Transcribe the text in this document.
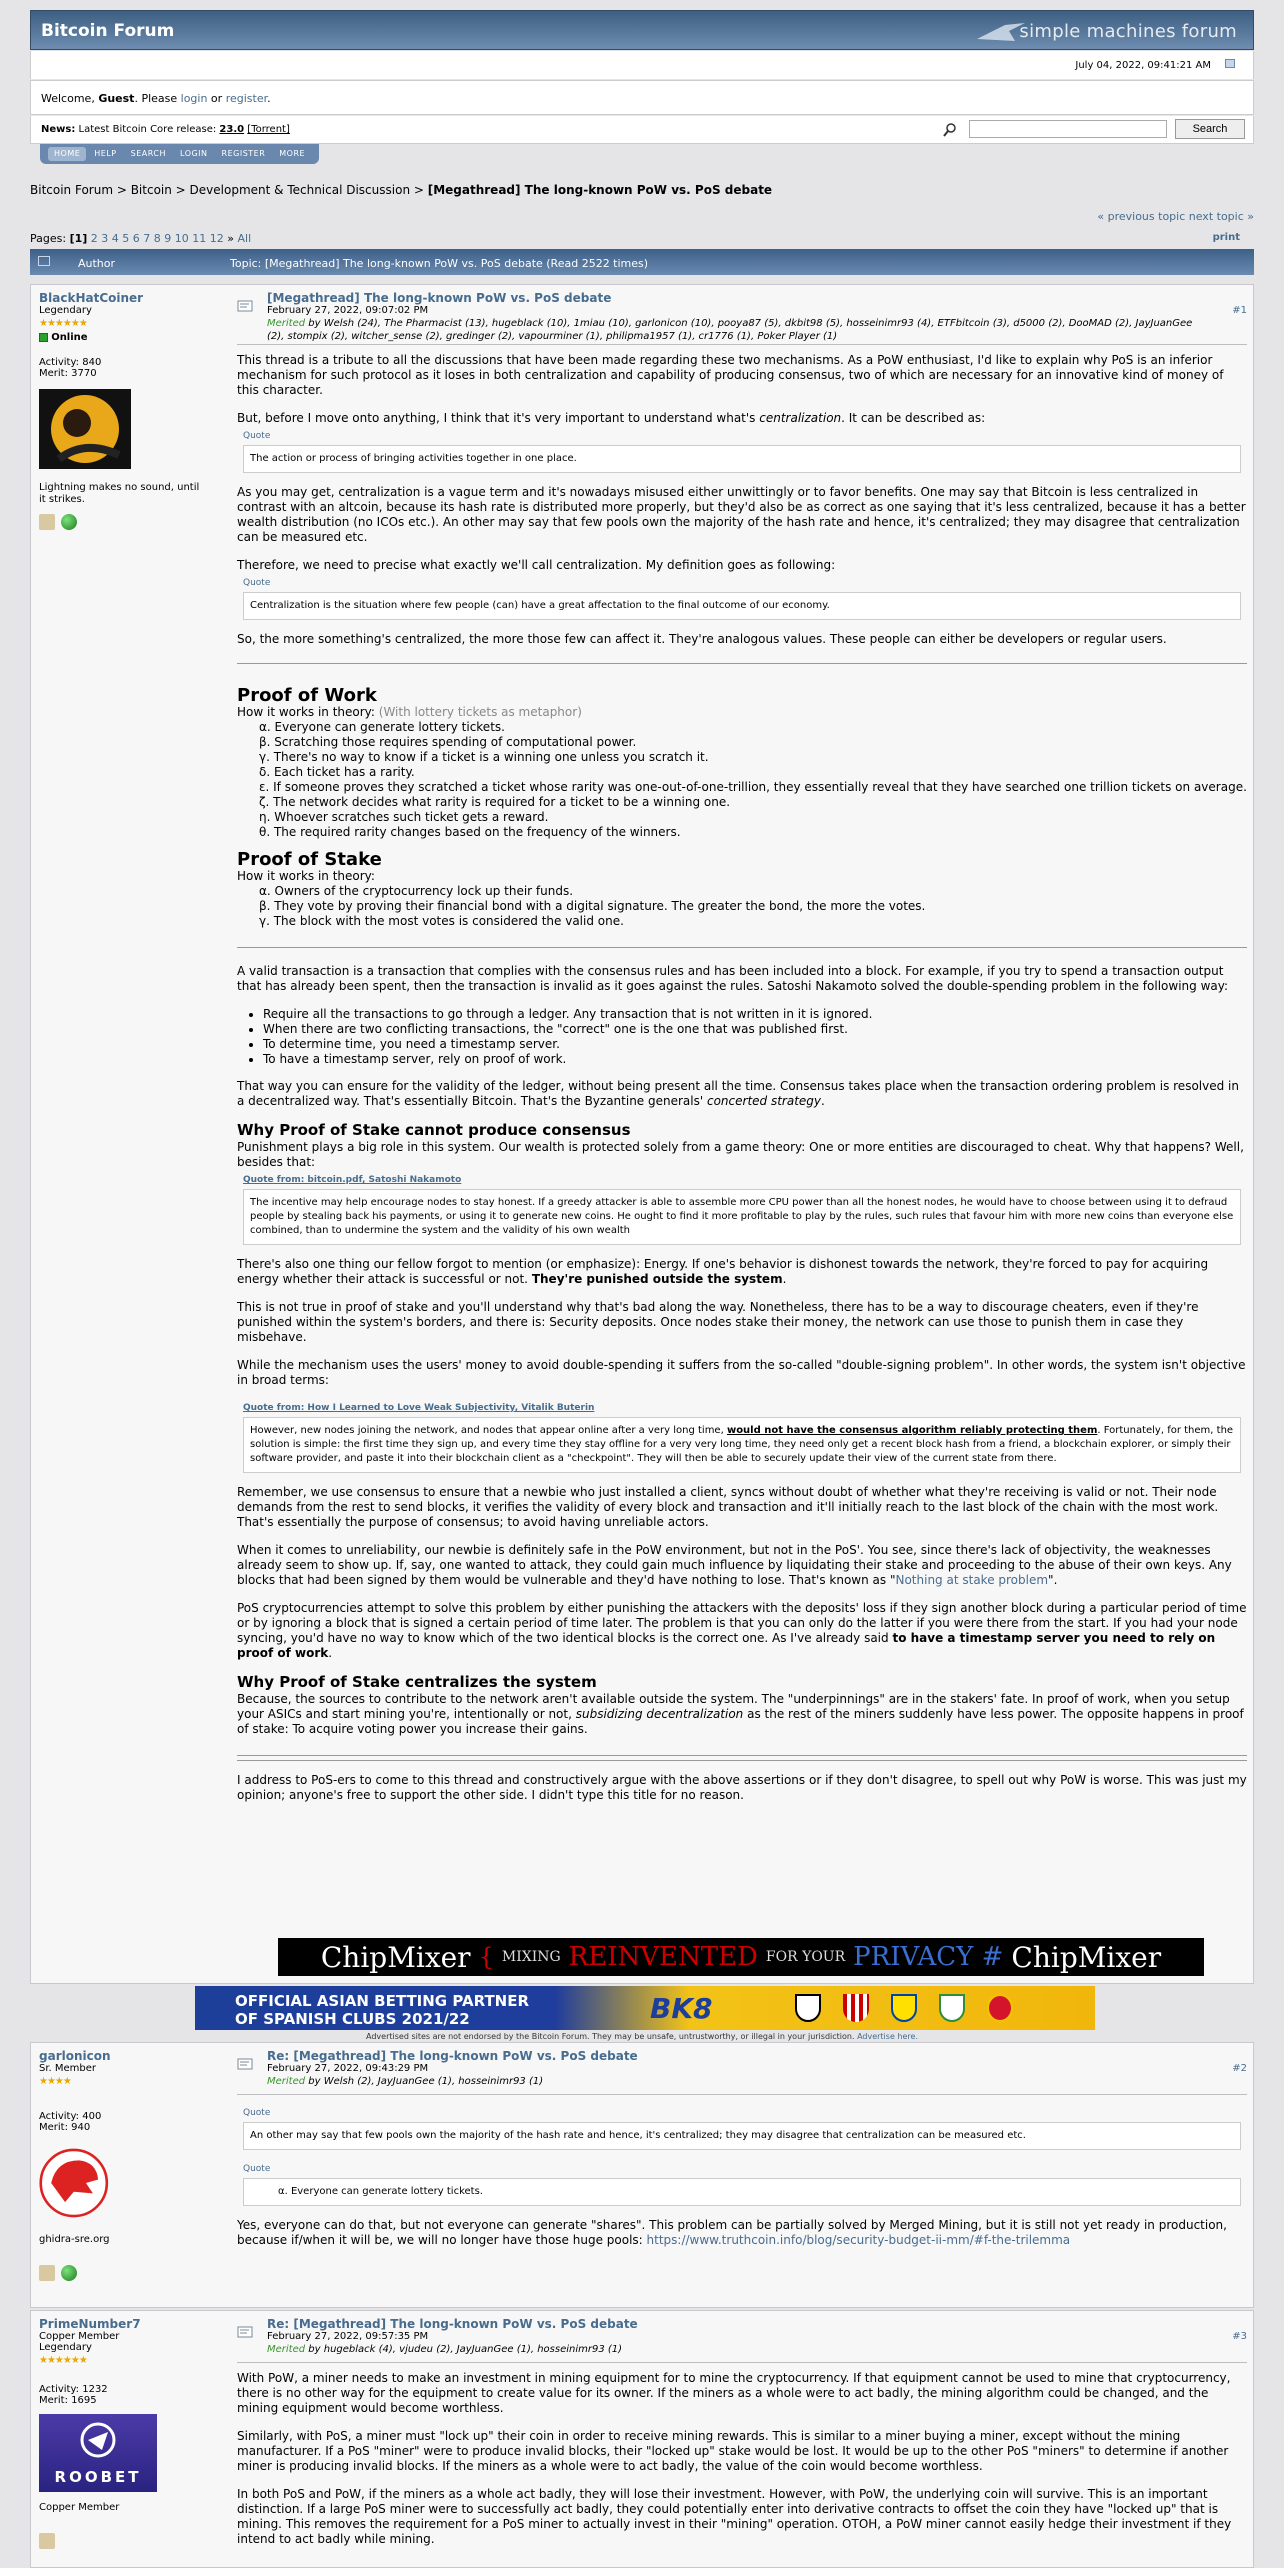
Bitcoin Forum	simple machines forum
July 04, 2022, 09:41:21 AM
Welcome, Guest. Please login or register.
News: Latest Bitcoin Core release: 23.0 [Torrent]	Search
HOME	HELP	SEARCH	LOGIN	REGISTER	MORE
Bitcoin Forum > Bitcoin > Development & Technical Discussion > [Megathread] The long-known PoW vs. PoS debate
« previous topic next topic »
Pages: [1] 2 3 4 5 6 7 8 9 10 11 12 » All	print
Author	Topic: [Megathread] The long-known PoW vs. PoS debate (Read 2522 times)
BlackHatCoiner
Legendary
★★★★★★
Online
Activity: 840
Merit: 3770
Lightning makes no sound, until it strikes.
[Megathread] The long-known PoW vs. PoS debate
February 27, 2022, 09:07:02 PM
Merited by Welsh (24), The Pharmacist (13), hugeblack (10), 1miau (10), garlonicon (10), pooya87 (5), dkbit98 (5), hosseinimr93 (4), ETFbitcoin (3), d5000 (2), DooMAD (2), JayJuanGee (2), stompix (2), witcher_sense (2), gredinger (2), vapourminer (1), philipma1957 (1), cr1776 (1), Poker Player (1)
#1

This thread is a tribute to all the discussions that have been made regarding these two mechanisms. As a PoW enthusiast, I'd like to explain why PoS is an inferior mechanism for such protocol as it loses in both centralization and capability of producing consensus, two of which are necessary for an innovative kind of money of this character.

But, before I move onto anything, I think that it's very important to understand what's centralization. It can be described as:

Quote
The action or process of bringing activities together in one place.

As you may get, centralization is a vague term and it's nowadays misused either unwittingly or to favor benefits. One may say that Bitcoin is less centralized in contrast with an altcoin, because its hash rate is distributed more properly, but they'd also be as correct as one saying that it's less centralized, because it has a better wealth distribution (no ICOs etc.). An other may say that few pools own the majority of the hash rate and hence, it's centralized; they may disagree that centralization can be measured etc.

Therefore, we need to precise what exactly we'll call centralization. My definition goes as following:

Quote
Centralization is the situation where few people (can) have a great affectation to the final outcome of our economy.

So, the more something's centralized, the more those few can affect it. They're analogous values. These people can either be developers or regular users.

Proof of Work
How it works in theory: (With lottery tickets as metaphor)
α. Everyone can generate lottery tickets.
β. Scratching those requires spending of computational power.
γ. There's no way to know if a ticket is a winning one unless you scratch it.
δ. Each ticket has a rarity.
ε. If someone proves they scratched a ticket whose rarity was one-out-of-one-trillion, they essentially reveal that they have searched one trillion tickets on average.
ζ. The network decides what rarity is required for a ticket to be a winning one.
η. Whoever scratches such ticket gets a reward.
θ. The required rarity changes based on the frequency of the winners.
Proof of Stake
How it works in theory:
α. Owners of the cryptocurrency lock up their funds.
β. They vote by proving their financial bond with a digital signature. The greater the bond, the more the votes.
γ. The block with the most votes is considered the valid one.

A valid transaction is a transaction that complies with the consensus rules and has been included into a block. For example, if you try to spend a transaction output that has already been spent, then the transaction is invalid as it goes against the rules. Satoshi Nakamoto solved the double-spending problem in the following way:

• Require all the transactions to go through a ledger. Any transaction that is not written in it is ignored.
• When there are two conflicting transactions, the "correct" one is the one that was published first.
• To determine time, you need a timestamp server.
• To have a timestamp server, rely on proof of work.

That way you can ensure for the validity of the ledger, without being present all the time. Consensus takes place when the transaction ordering problem is resolved in a decentralized way. That's essentially Bitcoin. That's the Byzantine generals' concerted strategy.

Why Proof of Stake cannot produce consensus

Punishment plays a big role in this system. Our wealth is protected solely from a game theory: One or more entities are discouraged to cheat. Why that happens? Well, besides that:

Quote from: bitcoin.pdf, Satoshi Nakamoto
The incentive may help encourage nodes to stay honest. If a greedy attacker is able to assemble more CPU power than all the honest nodes, he would have to choose between using it to defraud people by stealing back his payments, or using it to generate new coins. He ought to find it more profitable to play by the rules, such rules that favour him with more new coins than everyone else combined, than to undermine the system and the validity of his own wealth

There's also one thing our fellow forgot to mention (or emphasize): Energy. If one's behavior is dishonest towards the network, they're forced to pay for acquiring energy whether their attack is successful or not. They're punished outside the system.

This is not true in proof of stake and you'll understand why that's bad along the way. Nonetheless, there has to be a way to discourage cheaters, even if they're punished within the system's borders, and there is: Security deposits. Once nodes stake their money, the network can use those to punish them in case they misbehave.

While the mechanism uses the users' money to avoid double-spending it suffers from the so-called "double-signing problem". In other words, the system isn't objective in broad terms:

Quote from: How I Learned to Love Weak Subjectivity, Vitalik Buterin
However, new nodes joining the network, and nodes that appear online after a very long time, would not have the consensus algorithm reliably protecting them. Fortunately, for them, the solution is simple: the first time they sign up, and every time they stay offline for a very very long time, they need only get a recent block hash from a friend, a blockchain explorer, or simply their software provider, and paste it into their blockchain client as a "checkpoint". They will then be able to securely update their view of the current state from there.

Remember, we use consensus to ensure that a newbie who just installed a client, syncs without doubt of whether what they're receiving is valid or not. Their node demands from the rest to send blocks, it verifies the validity of every block and transaction and it'll initially reach to the last block of the chain with the most work. That's essentially the purpose of consensus; to avoid having unreliable actors.

When it comes to unreliability, our newbie is definitely safe in the PoW environment, but not in the PoS'. You see, since there's lack of objectivity, the weaknesses already seem to show up. If, say, one wanted to attack, they could gain much influence by liquidating their stake and proceeding to the abuse of their own keys. Any blocks that had been signed by them would be vulnerable and they'd have nothing to lose. That's known as "Nothing at stake problem".

PoS cryptocurrencies attempt to solve this problem by either punishing the attackers with the deposits' loss if they sign another block during a particular period of time or by ignoring a block that is signed a certain period of time later. The problem is that you can only do the latter if you were there from the start. If you had your node syncing, you'd have no way to know which of the two identical blocks is the correct one. As I've already said to have a timestamp server you need to rely on proof of work.

Why Proof of Stake centralizes the system

Because, the sources to contribute to the network aren't available outside the system. The "underpinnings" are in the stakers' fate. In proof of work, when you setup your ASICs and start mining you're, intentionally or not, subsidizing decentralization as the rest of the miners suddenly have less power. The opposite happens in proof of stake: To acquire voting power you increase their gains.

I address to PoS-ers to come to this thread and constructively argue with the above assertions or if they don't disagree, to spell out why PoW is worse. This was just my opinion; anyone's free to support the other side. I didn't type this title for no reason.

ChipMixer { MIXING REINVENTED FOR YOUR PRIVACY # ChipMixer
OFFICIAL ASIAN BETTING PARTNER
OF SPANISH CLUBS 2021/22	BK8
Advertised sites are not endorsed by the Bitcoin Forum. They may be unsafe, untrustworthy, or illegal in your jurisdiction. Advertise here.
garlonicon
Sr. Member
★★★★
Activity: 400
Merit: 940
ghidra-sre.org
Re: [Megathread] The long-known PoW vs. PoS debate
February 27, 2022, 09:43:29 PM
Merited by Welsh (2), JayJuanGee (1), hosseinimr93 (1)
#2
Quote
An other may say that few pools own the majority of the hash rate and hence, it's centralized; they may disagree that centralization can be measured etc.
Quote
α. Everyone can generate lottery tickets.

Yes, everyone can do that, but not everyone can generate "shares". This problem can be partially solved by Merged Mining, but it is still not yet ready in production, because if/when it will be, we will no longer have those huge pools: https://www.truthcoin.info/blog/security-budget-ii-mm/#f-the-trilemma

PrimeNumber7
Copper Member
Legendary
★★★★★★
Activity: 1232
Merit: 1695
ROOBET
Copper Member
Re: [Megathread] The long-known PoW vs. PoS debate
February 27, 2022, 09:57:35 PM
Merited by hugeblack (4), vjudeu (2), JayJuanGee (1), hosseinimr93 (1)
#3

With PoW, a miner needs to make an investment in mining equipment for to mine the cryptocurrency. If that equipment cannot be used to mine that cryptocurrency, there is no other way for the equipment to create value for its owner. If the miners as a whole were to act badly, the mining algorithm could be changed, and the mining equipment would become worthless.

Similarly, with PoS, a miner must "lock up" their coin in order to receive mining rewards. This is similar to a miner buying a miner, except without the mining manufacturer. If a PoS "miner" were to produce invalid blocks, their "locked up" stake would be lost. It would be up to the other PoS "miners" to determine if another miner is producing invalid blocks. If the miners as a whole were to act badly, the value of the coin would become worthless.

In both PoS and PoW, if the miners as a whole act badly, they will lose their investment. However, with PoW, the underlying coin will survive. This is an important distinction. If a large PoS miner were to successfully act badly, they could potentially enter into derivative contracts to offset the coin they have "locked up" that is mining. This removes the requirement for a PoS miner to actually invest in their "mining" operation. OTOH, a PoW miner cannot easily hedge their investment if they intend to act badly while mining.
